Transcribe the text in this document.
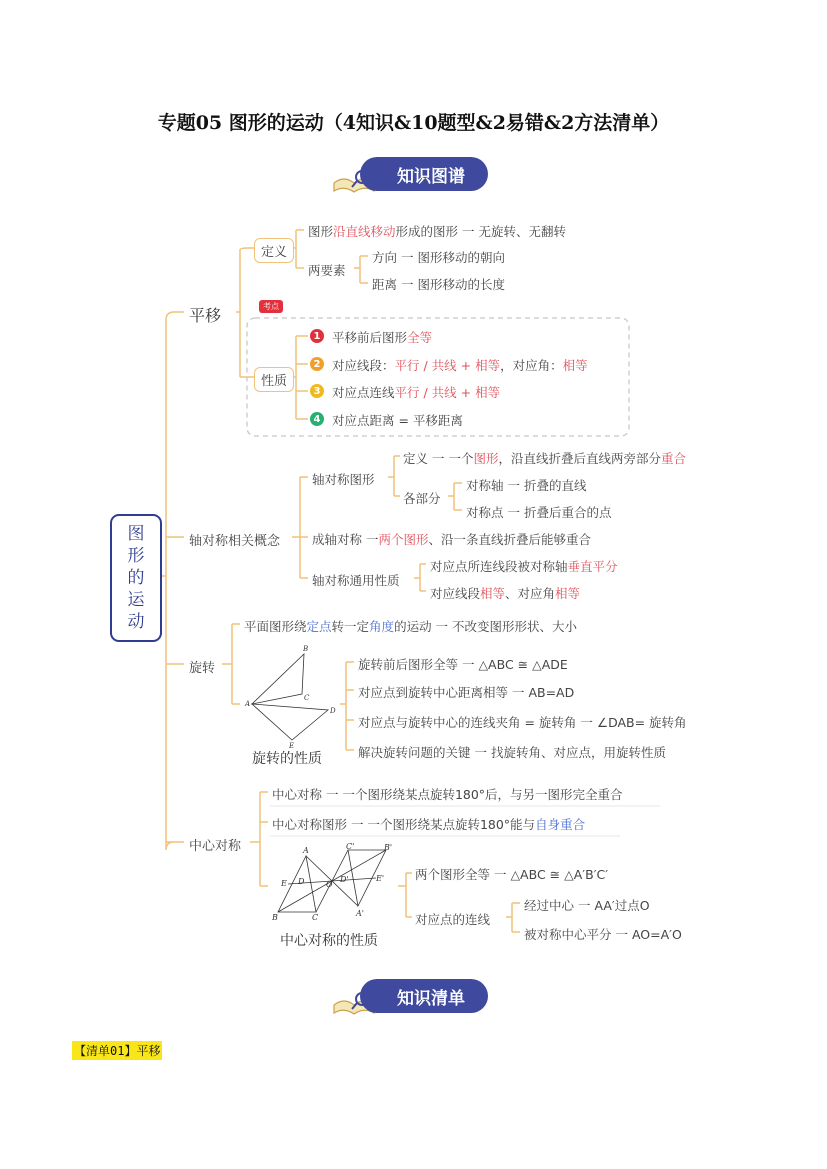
专题05 图形的运动（4知识&10题型&2易错&2方法清单）
知识图谱
图
形
的
运
动
平移
定义
图形沿直线移动形成的图形 一 无旋转、无翻转
两要素
方向 一 图形移动的朝向
距离 一 图形移动的长度
考点
性质
1 平移前后图形全等
2 对应线段：平行 / 共线 + 相等，对应角：相等
3 对应点连线平行 / 共线 + 相等
4 对应点距离 = 平移距离
轴对称相关概念
轴对称图形
定义 一 一个图形，沿直线折叠后直线两旁部分重合
各部分
对称轴 一 折叠的直线
对称点 一 折叠后重合的点
成轴对称 一两个图形、沿一条直线折叠后能够重合
轴对称通用性质
对应点所连线段被对称轴垂直平分
对应线段相等、对应角相等
旋转
平面图形绕定点转一定角度的运动 一 不改变图形形状、大小
A
B
C
D
E
旋转的性质
旋转前后图形全等 一 △ABC ≅ △ADE
对应点到旋转中心距离相等 一 AB=AD
对应点与旋转中心的连线夹角 = 旋转角 一 ∠DAB= 旋转角
解决旋转问题的关键 一 找旋转角、对应点，用旋转性质
中心对称
中心对称 一 一个图形绕某点旋转180°后，与另一图形完全重合
中心对称图形 一 一个图形绕某点旋转180°能与自身重合
A
B	C
D
E	O
A'
B'
C'
D'	E'
中心对称的性质
两个图形全等 一 △ABC ≅ △A′B′C′
对应点的连线
经过中心 一 AA′过点O
被对称中心平分 一 AO=A′O
知识清单
【清单01】平移
